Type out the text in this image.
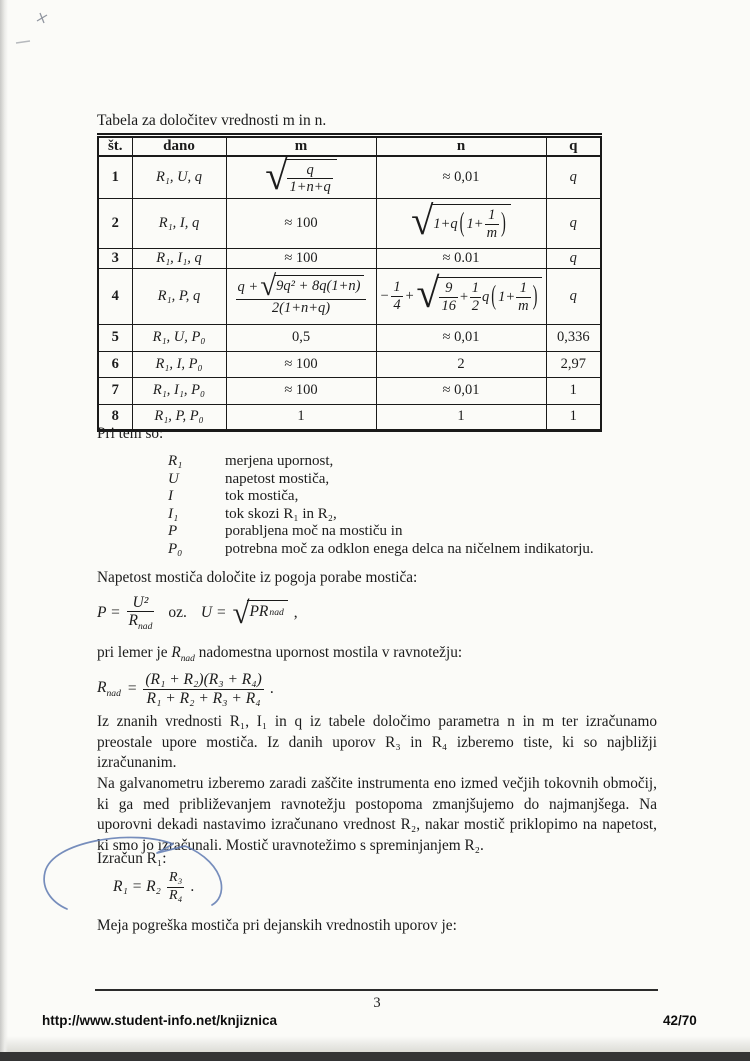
Tabela za določitev vrednosti m in n.
št.	dano	m	n	q
1	R₁, U, q	√ $\frac{q}{1+n+q}$	≈ 0,01	q
2	R₁, I, q	≈ 100	√ 1+q ( $1+ \frac{1}{m}$ )	q
3	R₁, I₁, q	≈ 100	≈ 0.01	q
4	R₁, P, q	$\frac{\text{q + √ 9q² + 8q(1+n)}}{2(1+n+q)}$	− $\frac{1}{4}$ + √ $\frac{9}{16} + \frac{1}{2}$ q ( $1+ \frac{1}{m}$ )	q
5	R₁, U, P₀	0,5	≈ 0,01	0,336
6	R₁, I, P₀	≈ 100	2	2,97
7	R₁, I₁, P₀	≈ 100	≈ 0,01	1
8	R₁, P, P₀	1	1	1
Pri tem so:
R₁	merjena upornost,
U	napetost mostiča,
I	tok mostiča,
I₁	tok skozi R₁ in R₂,
P	porabljena moč na mostiču in
P₀	potrebna moč za odklon enega delca na ničelnem indikatorju.
Napetost mostiča določite iz pogoja porabe mostiča:
$P = \frac{\text{U²}}{R_{nad}}$ oz. U = √ PR nad ,
pri lemer je $R_{nad}$ nadomestna upornost mostila v ravnotežju:
$R_{nad} = \frac{\text{(R₁ + R₂)(R₃ + R₄)}}{\text{R₁ + R₂ + R₃ + R₄}}$ .
Iz znanih vrednosti R₁, I₁ in q iz tabele določimo parametra n in m ter izračunamo preostale upore mostiča. Iz danih uporov R₃ in R₄ izberemo tiste, ki so najbližji izračunanim.
Na galvanometru izberemo zaradi zaščite instrumenta eno izmed večjih tokovnih območij, ki ga med približevanjem ravnotežju postopoma zmanjšujemo do najmanjšega. Na uporovni dekadi nastavimo izračunano vrednost R₂, nakar mostič priklopimo na napetost, ki smo jo izračunali. Mostič uravnotežimo s spreminjanjem R₂.
Izračun R₁:
$R_1 = R_2 \frac{\text{R₃}}{\text{R₄}}$ .
Meja pogreška mostiča pri dejanskih vrednostih uporov je:
3
http://www.student-info.net/knjiznica	42/70
